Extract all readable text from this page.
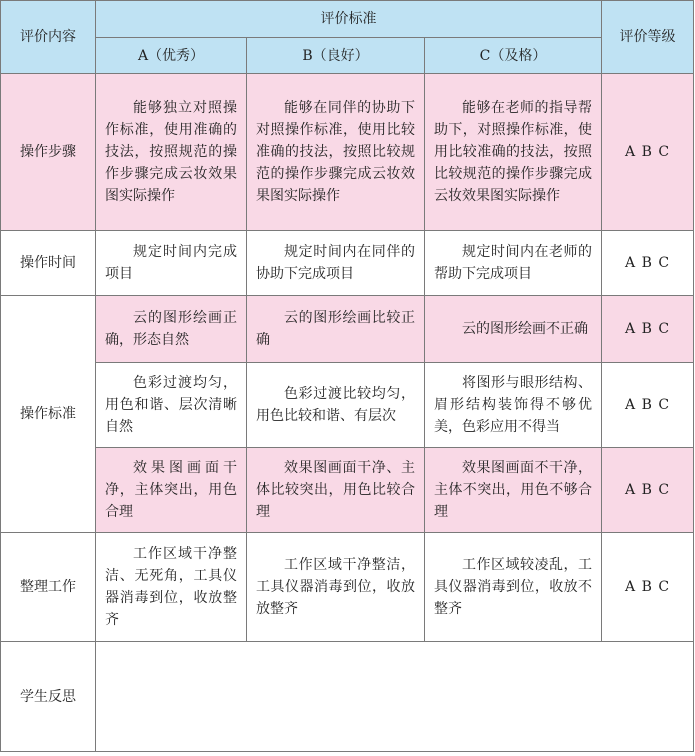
评价内容	评价标准			评价等级
	A（优秀）	B（良好）	C（及格）	
操作步骤	能够独立对照操作标准，使用准确的技法，按照规范的操作步骤完成云妆效果图实际操作	能够在同伴的协助下对照操作标准，使用比较准确的技法，按照比较规范的操作步骤完成云妆效果图实际操作	能够在老师的指导帮助下，对照操作标准，使用比较准确的技法，按照比较规范的操作步骤完成云妆效果图实际操作	A B C
操作时间	规定时间内完成项目	规定时间内在同伴的协助下完成项目	规定时间内在老师的帮助下完成项目	A B C
操作标准	云的图形绘画正确，形态自然	云的图形绘画比较正确	云的图形绘画不正确	A B C
	色彩过渡均匀，用色和谐、层次清晰自然	色彩过渡比较均匀，用色比较和谐、有层次	将图形与眼形结构、眉形结构装饰得不够优美，色彩应用不得当	A B C
	效果图画面干净，主体突出，用色合理	效果图画面干净、主体比较突出，用色比较合理	效果图画面不干净，主体不突出，用色不够合理	A B C
整理工作	工作区域干净整洁、无死角，工具仪器消毒到位，收放整齐	工作区域干净整洁，工具仪器消毒到位，收放放整齐	工作区域较凌乱，工具仪器消毒到位，收放不整齐	A B C
学生反思				
